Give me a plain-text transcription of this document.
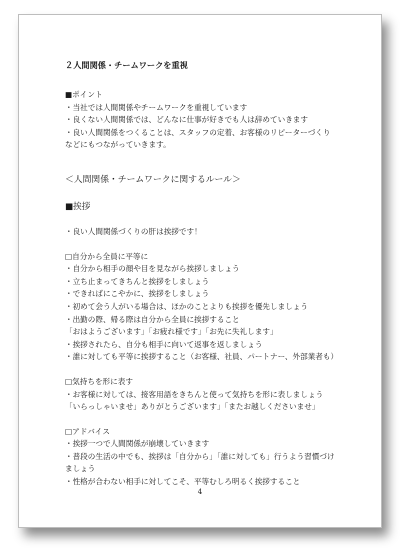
２人間関係・チームワークを重視
■ポイント
・当社では人間関係やチームワークを重視しています
・良くない人間関係では、どんなに仕事が好きでも人は辞めていきます
・良い人間関係をつくることは、スタッフの定着、お客様のリピーターづくり
などにもつながっていきます。
＜人間関係・チームワークに関するルール＞
■挨拶
・良い人間関係づくりの肝は挨拶です！
□自分から全員に平等に
・自分から相手の顔や目を見ながら挨拶しましょう
・立ち止まってきちんと挨拶をしましょう
・できればにこやかに、挨拶をしましょう
・初めて会う人がいる場合は、ほかのことよりも挨拶を優先しましょう
・出勤の際、帰る際は自分から全員に挨拶すること
「おはようございます」「お疲れ様です」「お先に失礼します」
・挨拶されたら、自分も相手に向いて返事を返しましょう
・誰に対しても平等に挨拶すること（お客様、社員、パートナー、外部業者も）
□気持ちを形に表す
・お客様に対しては、接客用語をきちんと使って気持ちを形に表しましょう
「いらっしゃいませ」ありがとうございます」「またお越しくださいませ」
□アドバイス
・挨拶一つで人間関係が崩壊していきます
・普段の生活の中でも、挨拶は「自分から」「誰に対しても」行うよう習慣づけ
ましょう
・性格が合わない相手に対してこそ、平等むしろ明るく挨拶すること
4
